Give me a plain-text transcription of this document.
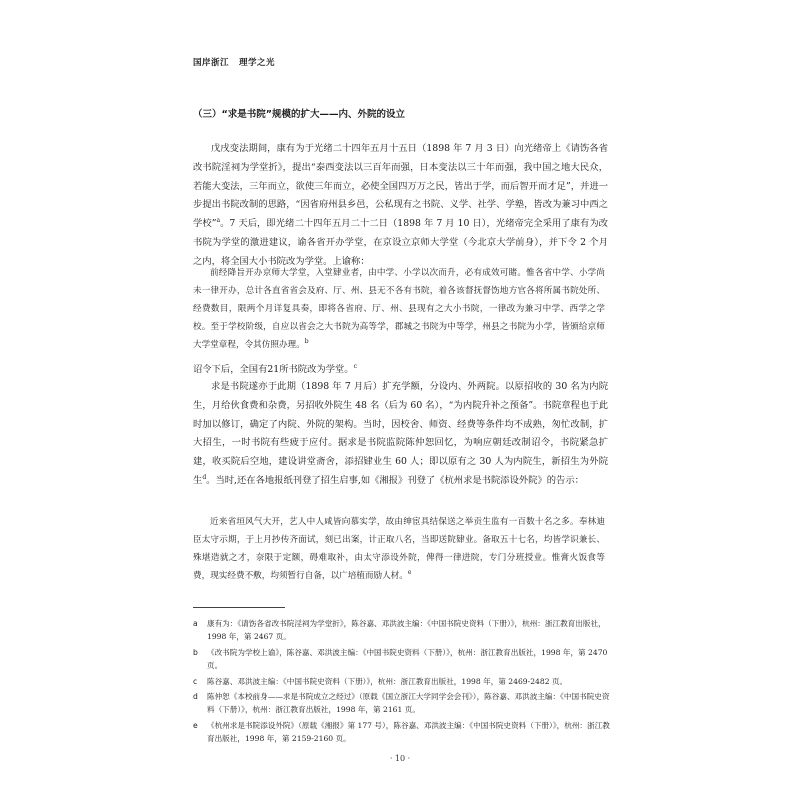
国岸浙江 理学之光
（三）“求是书院”规模的扩大——内、外院的设立

戊戌变法期间，康有为于光绪二十四年五月十五日（1898 年 7 月 3 日）向光绪帝上《请饬各省改书院淫祠为学堂折》，提出“泰西变法以三百年而强，日本变法以三十年而强，我中国之地大民众，若能大变法，三年而立，欲使三年而立，必使全国四万万之民，皆出于学，而后智开而才足”，并进一步提出书院改制的思路，“因省府州县乡邑，公私现有之书院、义学、社学、学塾，皆改为兼习中西之学校”$^a$。7 天后，即光绪二十四年五月二十二日（1898 年 7 月 10 日），光绪帝完全采用了康有为改书院为学堂的激进建议，谕各省开办学堂，在京设立京师大学堂（今北京大学前身），并下令 2 个月之内，将全国大小书院改为学堂。上谕称：

前经降旨开办京师大学堂，入堂肄业者，由中学、小学以次而升，必有成效可睹。惟各省中学、小学尚未一律开办，总计各直省省会及府、厅、州、县无不各有书院，着各该督抚督饬地方官各将所属书院处所、经费数目，限两个月详复具奏，即将各省府、厅、州、县现有之大小书院，一律改为兼习中学、西学之学校。至于学校阶级，自应以省会之大书院为高等学，郡城之书院为中等学，州县之书院为小学，皆颁给京师大学堂章程，令其仿照办理。$^b$

诏令下后，全国有21所书院改为学堂。$^c$

求是书院遂亦于此期（1898 年 7 月后）扩充学额，分设内、外两院。以原招收的 30 名为内院生，月给伙食费和杂费，另招收外院生 48 名（后为 60 名），“为内院升补之预备”。书院章程也于此时加以修订，确定了内院、外院的架构。当时，因校舍、师资、经费等条件均不成熟，匆忙改制，扩大招生，一时书院有些疲于应付。据求是书院监院陈仲恕回忆，为响应朝廷改制诏令，书院紧急扩建，收买院后空地，建设讲堂斋舍，添招肄业生 60 人；即以原有之 30 人为内院生，新招生为外院生$^d$。当时,还在各地报纸刊登了招生启事,如《湘报》刊登了《杭州求是书院添设外院》的告示：

近来省垣风气大开，艺人中人咸皆向慕实学，故由绅宦具结保送之举贡生监有一百数十名之多。奉林迪臣太守示期，于上月抄传齐面试，刻已出案，计正取八名，当即送院肄业。备取五十七名，均皆学识兼长、殊堪造就之才，奈限于定额，碍难取补，由太守添设外院，俾得一律进院，专门分班授业。惟膏火饭食等费，现实经费不敷，均须暂行自备，以广培植而励人材。$^e$

a	康有为：《请饬各省改书院淫祠为学堂折》，陈谷嘉、邓洪波主编：《中国书院史资料（下册）》，杭州：浙江教育出版社，1998 年，第 2467 页。
b	《改书院为学校上谕》，陈谷嘉、邓洪波主编：《中国书院史资料（下册）》，杭州：浙江教育出版社，1998 年，第 2470 页。
c	陈谷嘉、邓洪波主编：《中国书院史资料（下册）》，杭州：浙江教育出版社，1998 年，第 2469-2482 页。
d	陈仲恕《本校前身——求是书院成立之经过》（原载《国立浙江大学同学会会刊》），陈谷嘉、邓洪波主编：《中国书院史资料（下册）》，杭州：浙江教育出版社，1998 年，第 2161 页。
e	《杭州求是书院添设外院》（原载《湘报》第 177 号），陈谷嘉、邓洪波主编：《中国书院史资料（下册）》，杭州：浙江教育出版社，1998 年，第 2159-2160 页。
· 10 ·
